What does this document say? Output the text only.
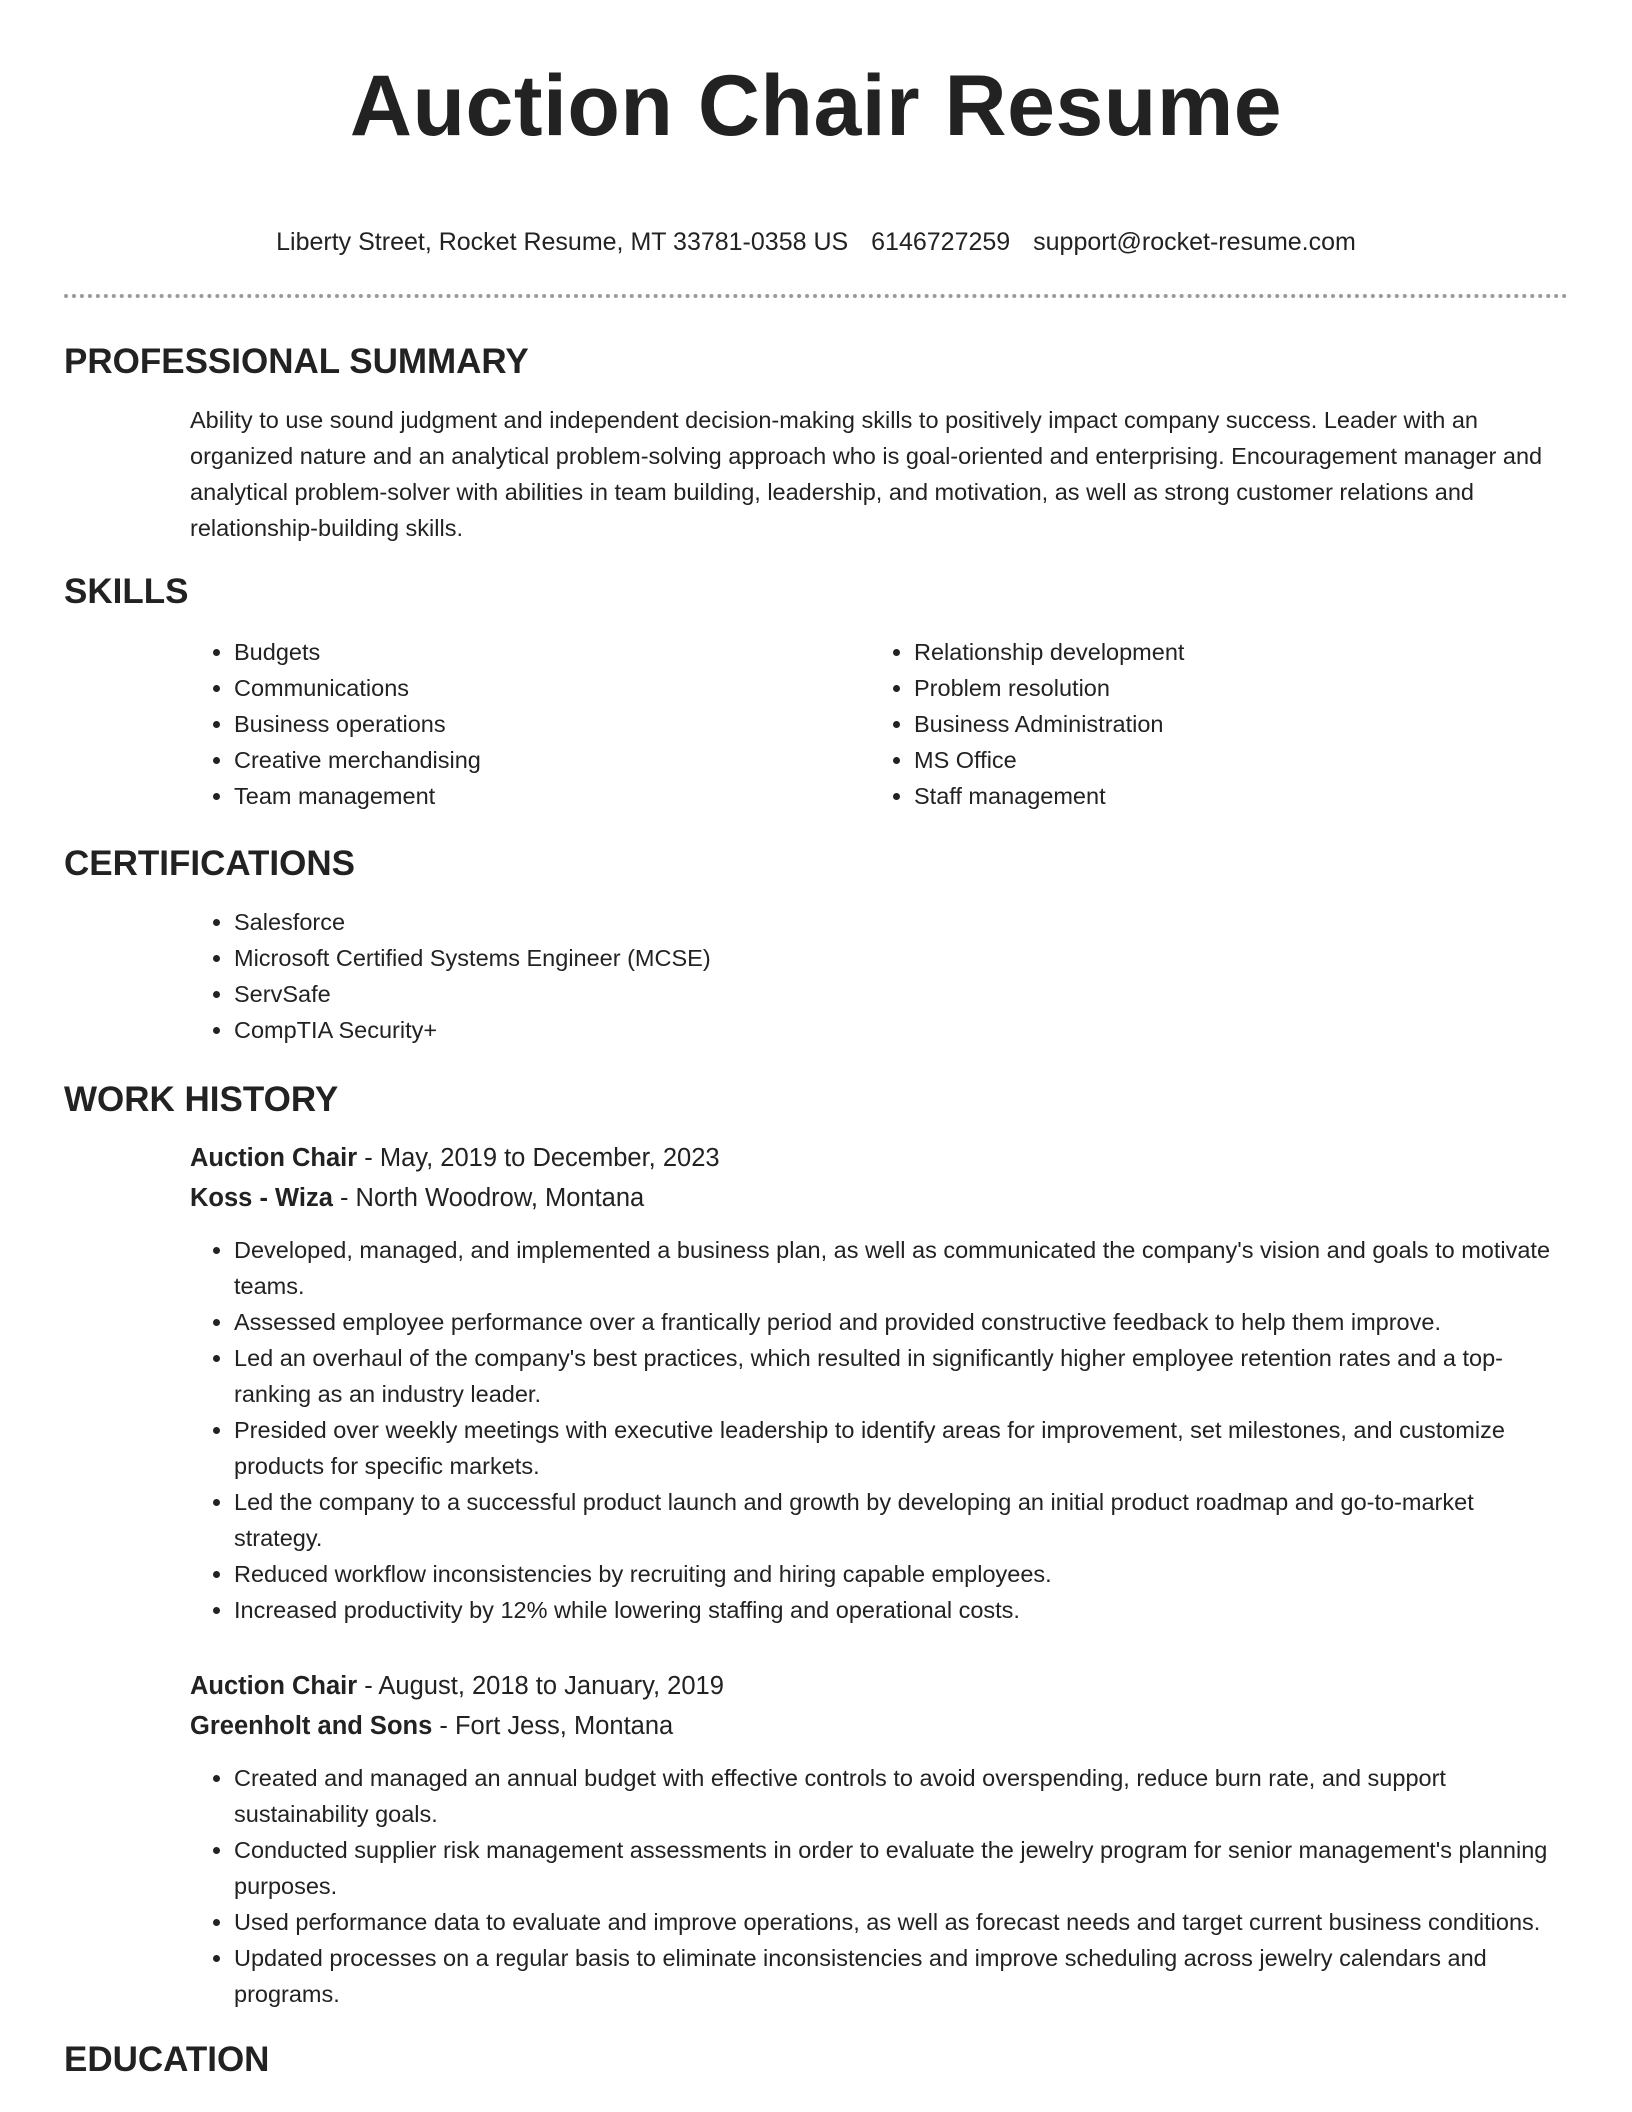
Auction Chair Resume
Liberty Street, Rocket Resume, MT 33781-0358 US 6146727259 support@rocket-resume.com
PROFESSIONAL SUMMARY

Ability to use sound judgment and independent decision-making skills to positively impact company success. Leader with an organized nature and an analytical problem-solving approach who is goal-oriented and enterprising. Encouragement manager and analytical problem-solver with abilities in team building, leadership, and motivation, as well as strong customer relations and relationship-building skills.

SKILLS
• Budgets
• Communications
• Business operations
• Creative merchandising
• Team management
• Relationship development
• Problem resolution
• Business Administration
• MS Office
• Staff management
CERTIFICATIONS
• Salesforce
• Microsoft Certified Systems Engineer (MCSE)
• ServSafe
• CompTIA Security+
WORK HISTORY
Auction Chair - May, 2019 to December, 2023
Koss - Wiza - North Woodrow, Montana
• Developed, managed, and implemented a business plan, as well as communicated the company's vision and goals to motivate teams.
• Assessed employee performance over a frantically period and provided constructive feedback to help them improve.
• Led an overhaul of the company's best practices, which resulted in significantly higher employee retention rates and a top-ranking as an industry leader.
• Presided over weekly meetings with executive leadership to identify areas for improvement, set milestones, and customize products for specific markets.
• Led the company to a successful product launch and growth by developing an initial product roadmap and go-to-market strategy.
• Reduced workflow inconsistencies by recruiting and hiring capable employees.
• Increased productivity by 12% while lowering staffing and operational costs.
Auction Chair - August, 2018 to January, 2019
Greenholt and Sons - Fort Jess, Montana
• Created and managed an annual budget with effective controls to avoid overspending, reduce burn rate, and support sustainability goals.
• Conducted supplier risk management assessments in order to evaluate the jewelry program for senior management's planning purposes.
• Used performance data to evaluate and improve operations, as well as forecast needs and target current business conditions.
• Updated processes on a regular basis to eliminate inconsistencies and improve scheduling across jewelry calendars and programs.
EDUCATION
